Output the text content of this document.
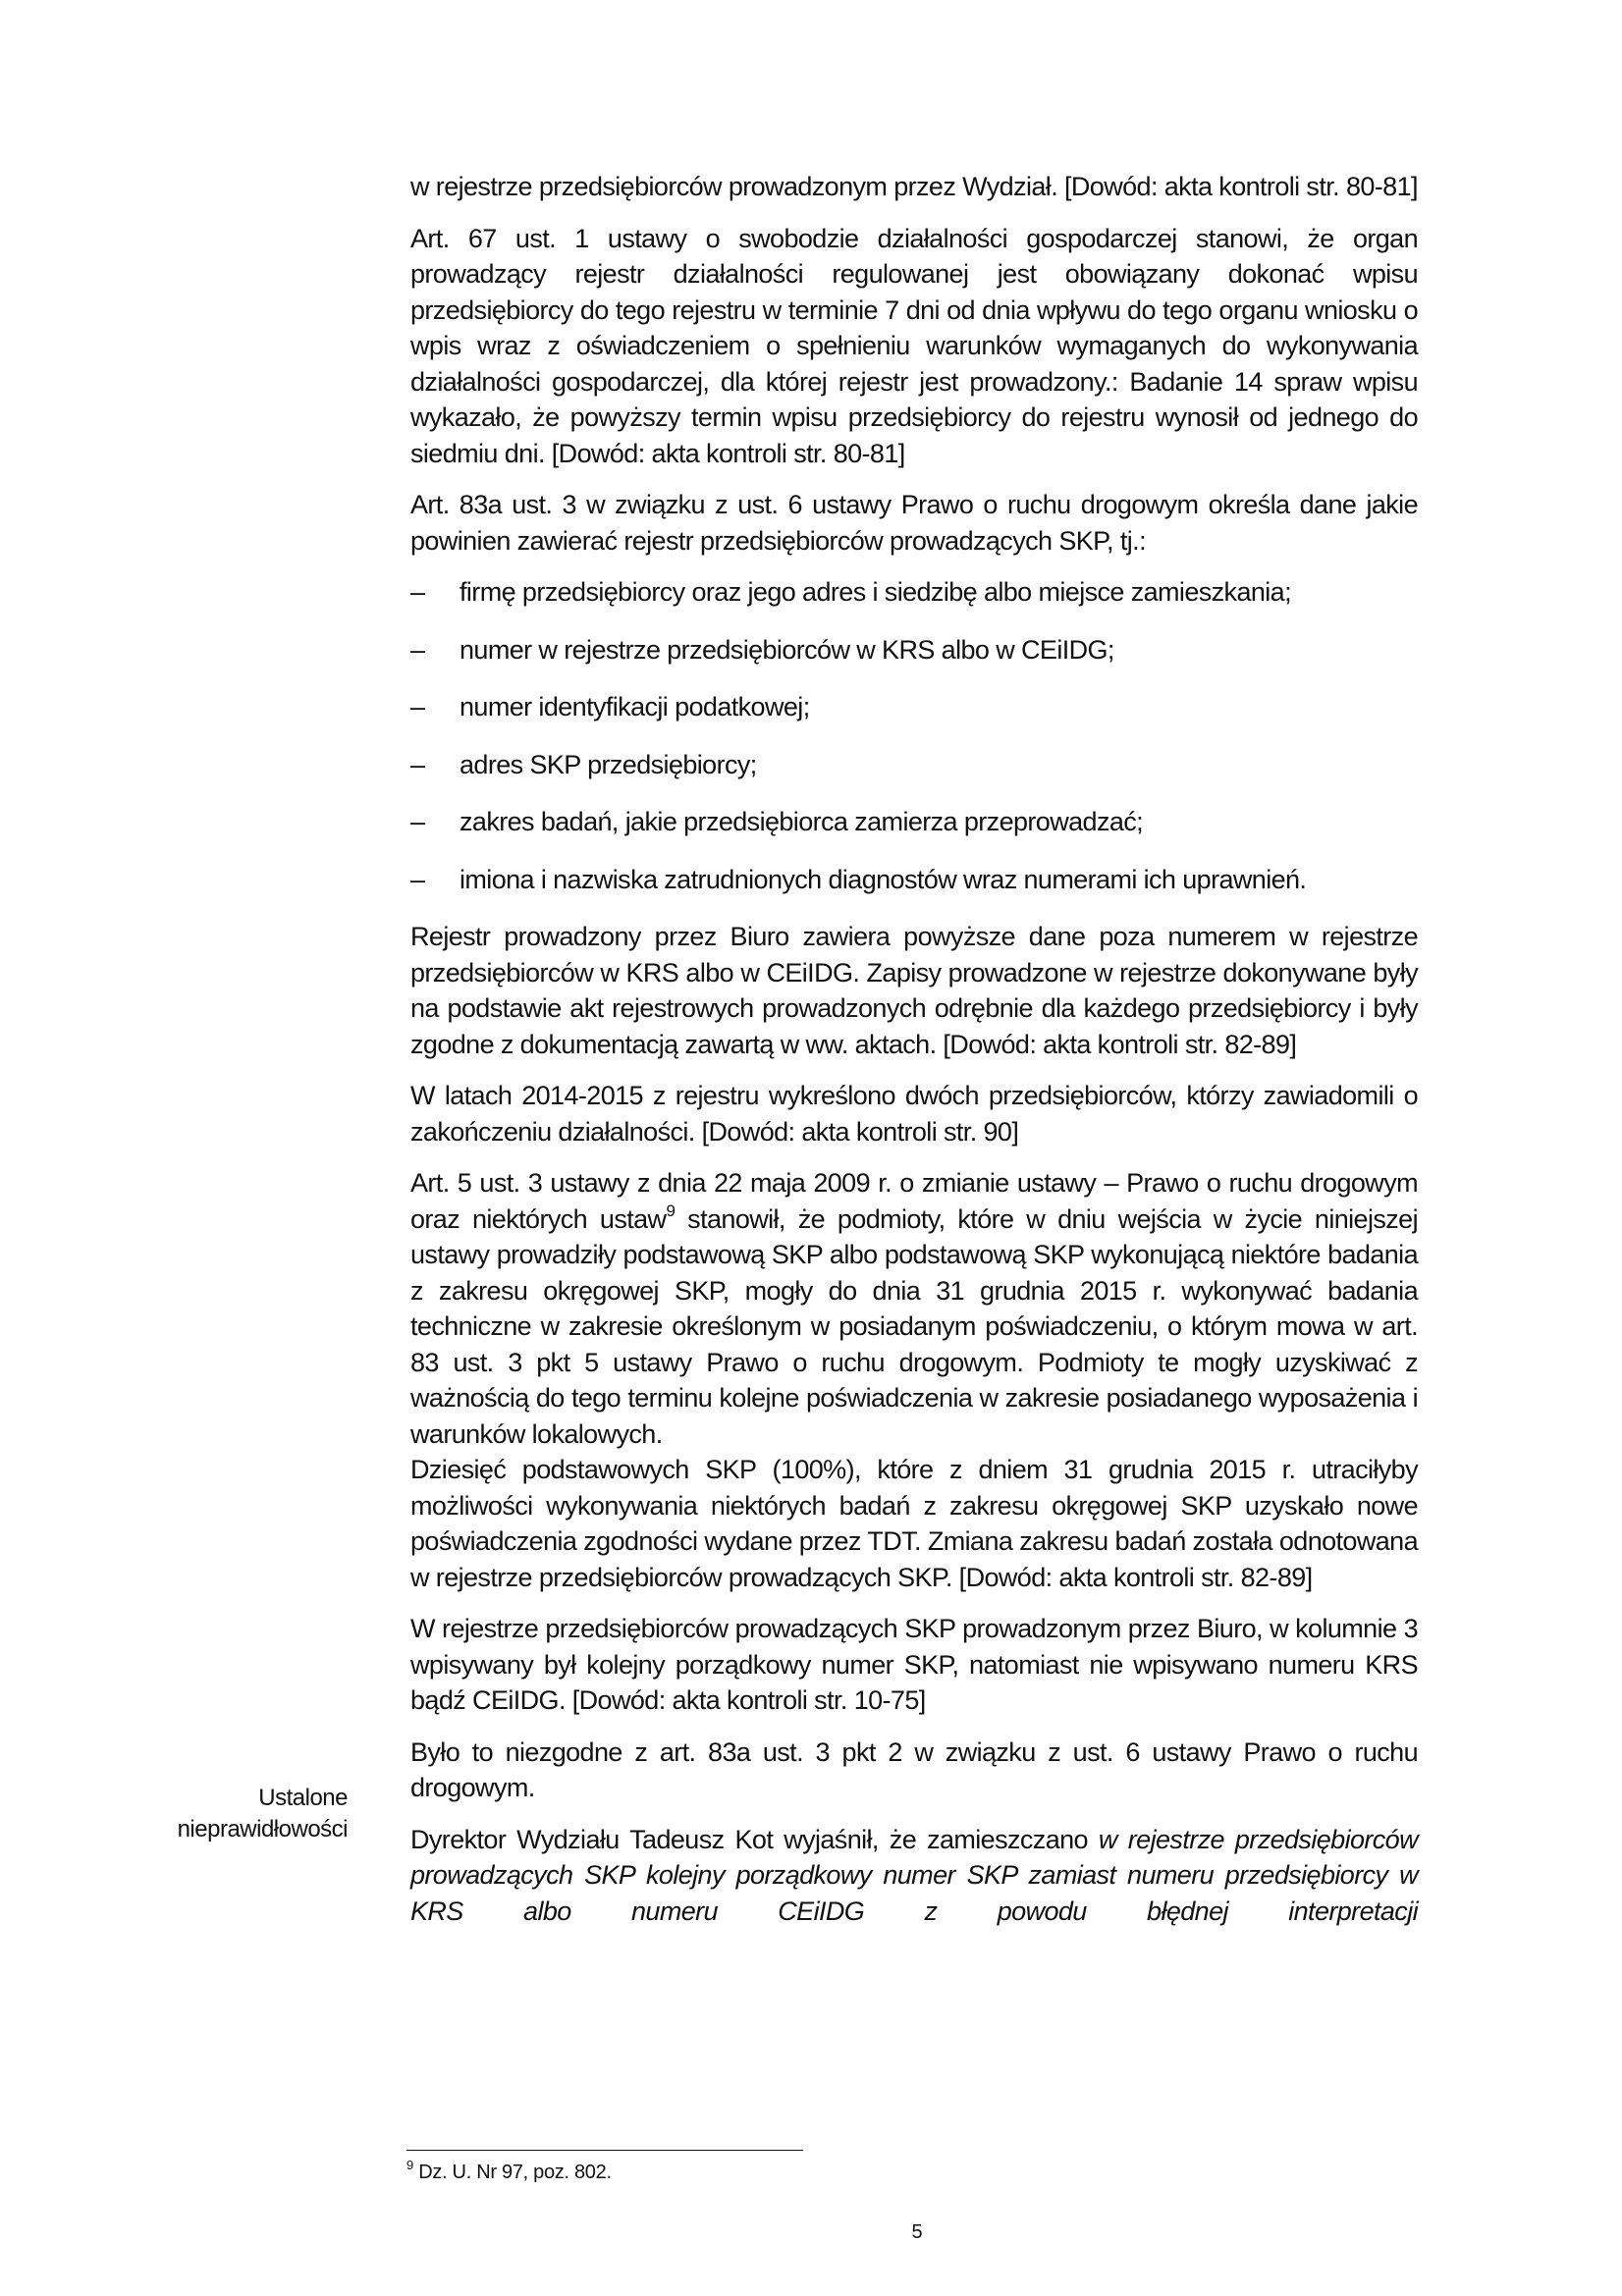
w rejestrze przedsiębiorców prowadzonym przez Wydział. [Dowód: akta kontroli str. 80-81]

Art. 67 ust. 1 ustawy o swobodzie działalności gospodarczej stanowi, że organ prowadzący rejestr działalności regulowanej jest obowiązany dokonać wpisu przedsiębiorcy do tego rejestru w terminie 7 dni od dnia wpływu do tego organu wniosku o wpis wraz z oświadczeniem o spełnieniu warunków wymaganych do wykonywania działalności gospodarczej, dla której rejestr jest prowadzony.: Badanie 14 spraw wpisu wykazało, że powyższy termin wpisu przedsiębiorcy do rejestru wynosił od jednego do siedmiu dni. [Dowód: akta kontroli str. 80-81]

Art. 83a ust. 3 w związku z ust. 6 ustawy Prawo o ruchu drogowym określa dane jakie powinien zawierać rejestr przedsiębiorców prowadzących SKP, tj.:

– firmę przedsiębiorcy oraz jego adres i siedzibę albo miejsce zamieszkania;
– numer w rejestrze przedsiębiorców w KRS albo w CEiIDG;
– numer identyfikacji podatkowej;
– adres SKP przedsiębiorcy;
– zakres badań, jakie przedsiębiorca zamierza przeprowadzać;
– imiona i nazwiska zatrudnionych diagnostów wraz numerami ich uprawnień.

Rejestr prowadzony przez Biuro zawiera powyższe dane poza numerem w rejestrze przedsiębiorców w KRS albo w CEiIDG. Zapisy prowadzone w rejestrze dokonywane były na podstawie akt rejestrowych prowadzonych odrębnie dla każdego przedsiębiorcy i były zgodne z dokumentacją zawartą w ww. aktach. [Dowód: akta kontroli str. 82-89]

W latach 2014-2015 z rejestru wykreślono dwóch przedsiębiorców, którzy zawiadomili o zakończeniu działalności. [Dowód: akta kontroli str. 90]

Art. 5 ust. 3 ustawy z dnia 22 maja 2009 r. o zmianie ustawy – Prawo o ruchu drogowym oraz niektórych ustaw$^9$ stanowił, że podmioty, które w dniu wejścia w życie niniejszej ustawy prowadziły podstawową SKP albo podstawową SKP wykonującą niektóre badania z zakresu okręgowej SKP, mogły do dnia 31 grudnia 2015 r. wykonywać badania techniczne w zakresie określonym w posiadanym poświadczeniu, o którym mowa w art. 83 ust. 3 pkt 5 ustawy Prawo o ruchu drogowym. Podmioty te mogły uzyskiwać z ważnością do tego terminu kolejne poświadczenia w zakresie posiadanego wyposażenia i warunków lokalowych.

Dziesięć podstawowych SKP (100%), które z dniem 31 grudnia 2015 r. utraciłyby możliwości wykonywania niektórych badań z zakresu okręgowej SKP uzyskało nowe poświadczenia zgodności wydane przez TDT. Zmiana zakresu badań została odnotowana w rejestrze przedsiębiorców prowadzących SKP. [Dowód: akta kontroli str. 82-89]

W rejestrze przedsiębiorców prowadzących SKP prowadzonym przez Biuro, w kolumnie 3 wpisywany był kolejny porządkowy numer SKP, natomiast nie wpisywano numeru KRS bądź CEiIDG. [Dowód: akta kontroli str. 10-75]

Było to niezgodne z art. 83a ust. 3 pkt 2 w związku z ust. 6 ustawy Prawo o ruchu drogowym.

Dyrektor Wydziału Tadeusz Kot wyjaśnił, że zamieszczano w rejestrze przedsiębiorców prowadzących SKP kolejny porządkowy numer SKP zamiast numeru przedsiębiorcy w KRS albo numeru CEiIDG z powodu błędnej interpretacji

Ustalone
nieprawidłowości
$^9$ Dz. U. Nr 97, poz. 802.
5
